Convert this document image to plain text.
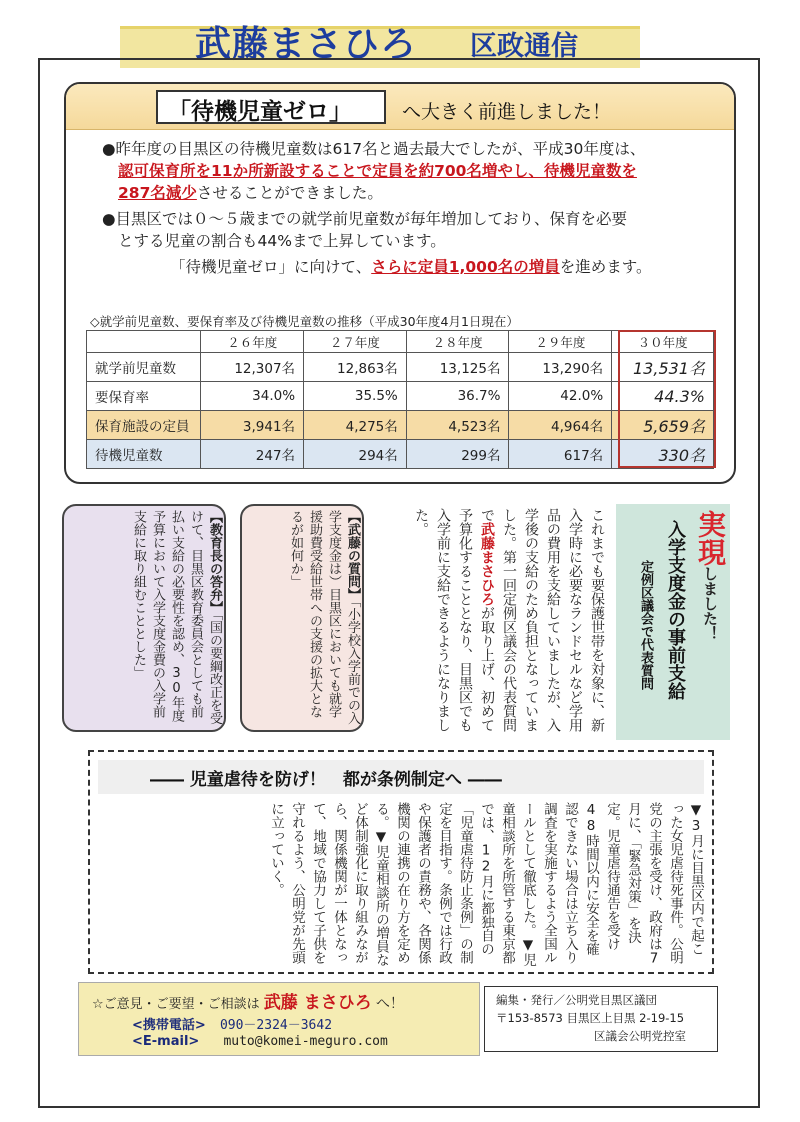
武藤まさひろ 区政通信
「待機児童ゼロ」	へ大きく前進しました！
●昨年度の目黒区の待機児童数は617名と過去最大でしたが、平成30年度は、
認可保育所を11か所新設することで定員を約700名増やし、待機児童数を
287名減少させることができました。
●目黒区では０～５歳までの就学前児童数が毎年増加しており、保育を必要
とする児童の割合も44%まで上昇しています。
「待機児童ゼロ」に向けて、さらに定員1,000名の増員を進めます。
◇就学前児童数、要保育率及び待機児童数の推移（平成30年度4月1日現在）
	２６年度	２７年度	２８年度	２９年度	３０年度
就学前児童数	12,307名	12,863名	13,125名	13,290名	13,531名
要保育率	34.0%	35.5%	36.7%	42.0%	44.3%
保育施設の定員	3,941名	4,275名	4,523名	4,964名	5,659名
待機児童数	247名	294名	299名	617名	330名
【教育長の答弁】「国の要綱改正を受けて、目黒区教育委員会としても前払い支給の必要性を認め、30年度予算において入学支度金費の入学前支給に取り組むこととした」	【武藤の質問】「小学校入学前での入学支度金は）目黒区においても就学援助費受給世帯への支援の拡大となるが如何か」	これまでも要保護世帯を対象に、新入学時に必要なランドセルなど学用品の費用を支給していましたが、入学後の支給のため負担となっていました。第一回定例区議会の代表質問で武藤まさひろが取り上げ、初めて予算化することとなり、目黒区でも入学前に支給できるようになりました。	実現しました！
入学支度金の事前支給
定例区議会で代表質問
―― 児童虐待を防げ！　都が条例制定へ ――
▼3月に目黒区内で起こった女児虐待死事件。公明党の主張を受け、政府は7月に、「緊急対策」を決定。児童虐待通告を受け48時間以内に安全を確認できない場合は立ち入り調査を実施するよう全国ルールとして徹底した。▼児童相談所を所管する東京都では、12月に都独自の「児童虐待防止条例」の制定を目指す。条例では行政や保護者の責務や、各関係機関の連携の在り方を定める。▼児童相談所の増員など体制強化に取り組みながら、関係機関が一体となって、地域で協力して子供を守れるよう、公明党が先頭に立っていく。
☆ご意見・ご要望・ご相談は 武藤 まさひろ へ！
<携帯電話> 090－2324－3642
<E-mail> muto@komei-meguro.com
編集・発行／公明党目黒区議団
〒153-8573 目黒区上目黒 2-19-15
区議会公明党控室
